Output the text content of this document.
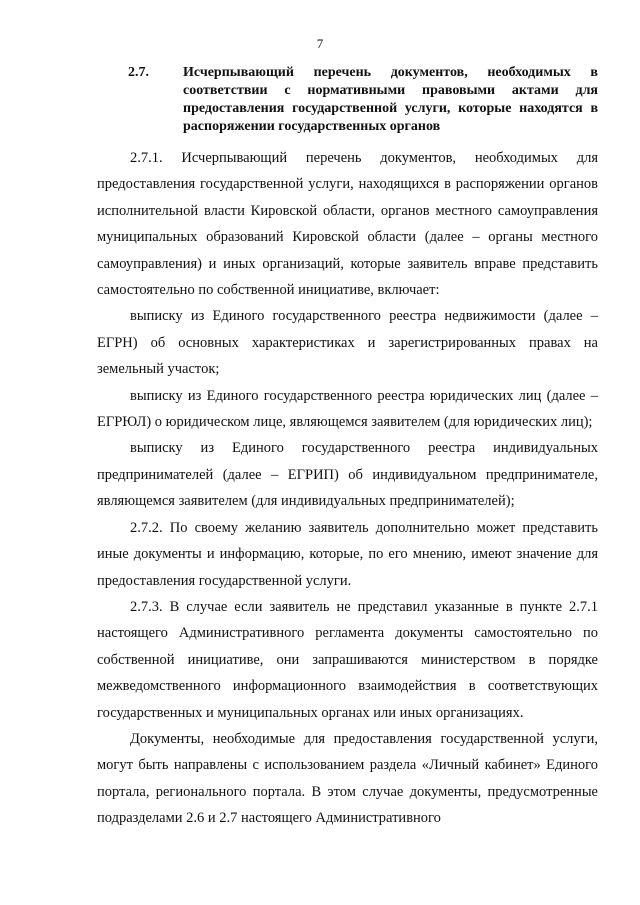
7
2.7. Исчерпывающий перечень документов, необходимых в соответствии с нормативными правовыми актами для предоставления государственной услуги, которые находятся в распоряжении государственных органов

2.7.1. Исчерпывающий перечень документов, необходимых для предоставления государственной услуги, находящихся в распоряжении органов исполнительной власти Кировской области, органов местного самоуправления муниципальных образований Кировской области (далее – органы местного самоуправления) и иных организаций, которые заявитель вправе представить самостоятельно по собственной инициативе, включает:

выписку из Единого государственного реестра недвижимости (далее – ЕГРН) об основных характеристиках и зарегистрированных правах на земельный участок;

выписку из Единого государственного реестра юридических лиц (далее – ЕГРЮЛ) о юридическом лице, являющемся заявителем (для юридических лиц);

выписку из Единого государственного реестра индивидуальных предпринимателей (далее – ЕГРИП) об индивидуальном предпринимателе, являющемся заявителем (для индивидуальных предпринимателей);

2.7.2. По своему желанию заявитель дополнительно может представить иные документы и информацию, которые, по его мнению, имеют значение для предоставления государственной услуги.

2.7.3. В случае если заявитель не представил указанные в пункте 2.7.1 настоящего Административного регламента документы самостоятельно по собственной инициативе, они запрашиваются министерством в порядке межведомственного информационного взаимодействия в соответствующих государственных и муниципальных органах или иных организациях.

Документы, необходимые для предоставления государственной услуги, могут быть направлены с использованием раздела «Личный кабинет» Единого портала, регионального портала. В этом случае документы, предусмотренные подразделами 2.6 и 2.7 настоящего Административного
